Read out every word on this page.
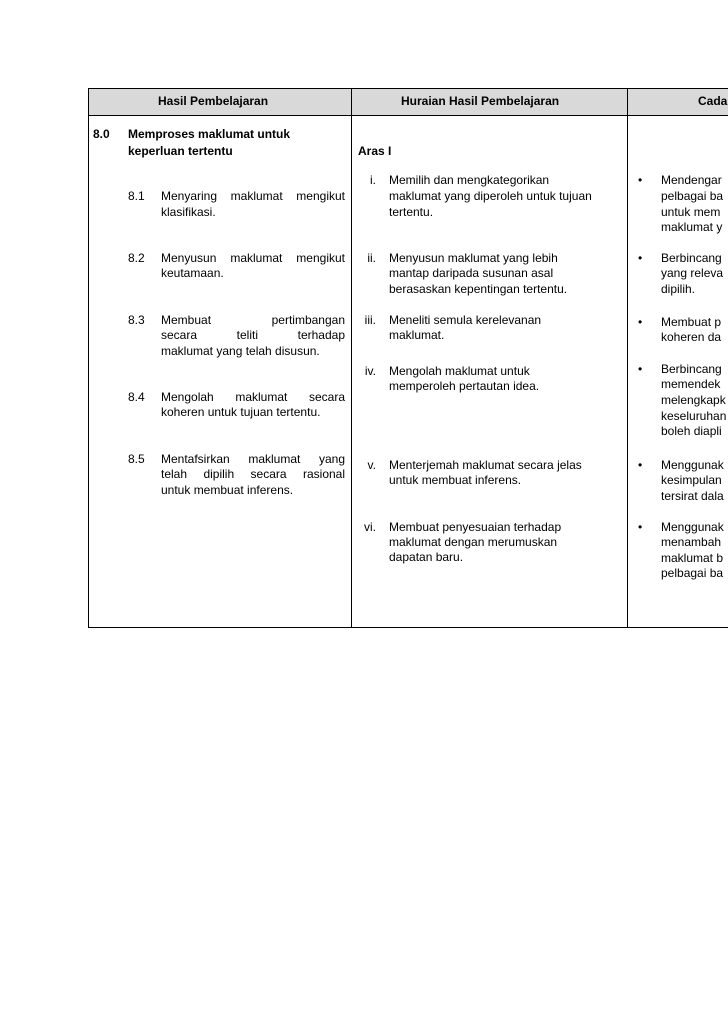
Hasil Pembelajaran	Huraian Hasil Pembelajaran	Cada
8.0 Memproses maklumat untuk
keperluan tertentu
8.1 Menyaring maklumat mengikut
klasifikasi.
8.2 Menyusun maklumat mengikut
keutamaan.
8.3 Membuat pertimbangan
secara teliti terhadap
maklumat yang telah disusun.
8.4 Mengolah maklumat secara
koheren untuk tujuan tertentu.
8.5 Mentafsirkan maklumat yang
telah dipilih secara rasional
untuk membuat inferens.
Aras I
i. Memilih dan mengkategorikan
maklumat yang diperoleh untuk tujuan
tertentu.
ii. Menyusun maklumat yang lebih
mantap daripada susunan asal
berasaskan kepentingan tertentu.
iii. Meneliti semula kerelevanan
maklumat.
iv. Mengolah maklumat untuk
memperoleh pertautan idea.
v. Menterjemah maklumat secara jelas
untuk membuat inferens.
vi. Membuat penyesuaian terhadap
maklumat dengan merumuskan
dapatan baru.
• Mendengar
pelbagai ba
untuk mem
maklumat y
• Berbincang
yang releva
dipilih.
• Membuat p
koheren da
• Berbincang
memendek
melengkapk
keseluruhan
boleh diapli
• Menggunak
kesimpulan
tersirat dala
• Menggunak
menambah
maklumat b
pelbagai ba
